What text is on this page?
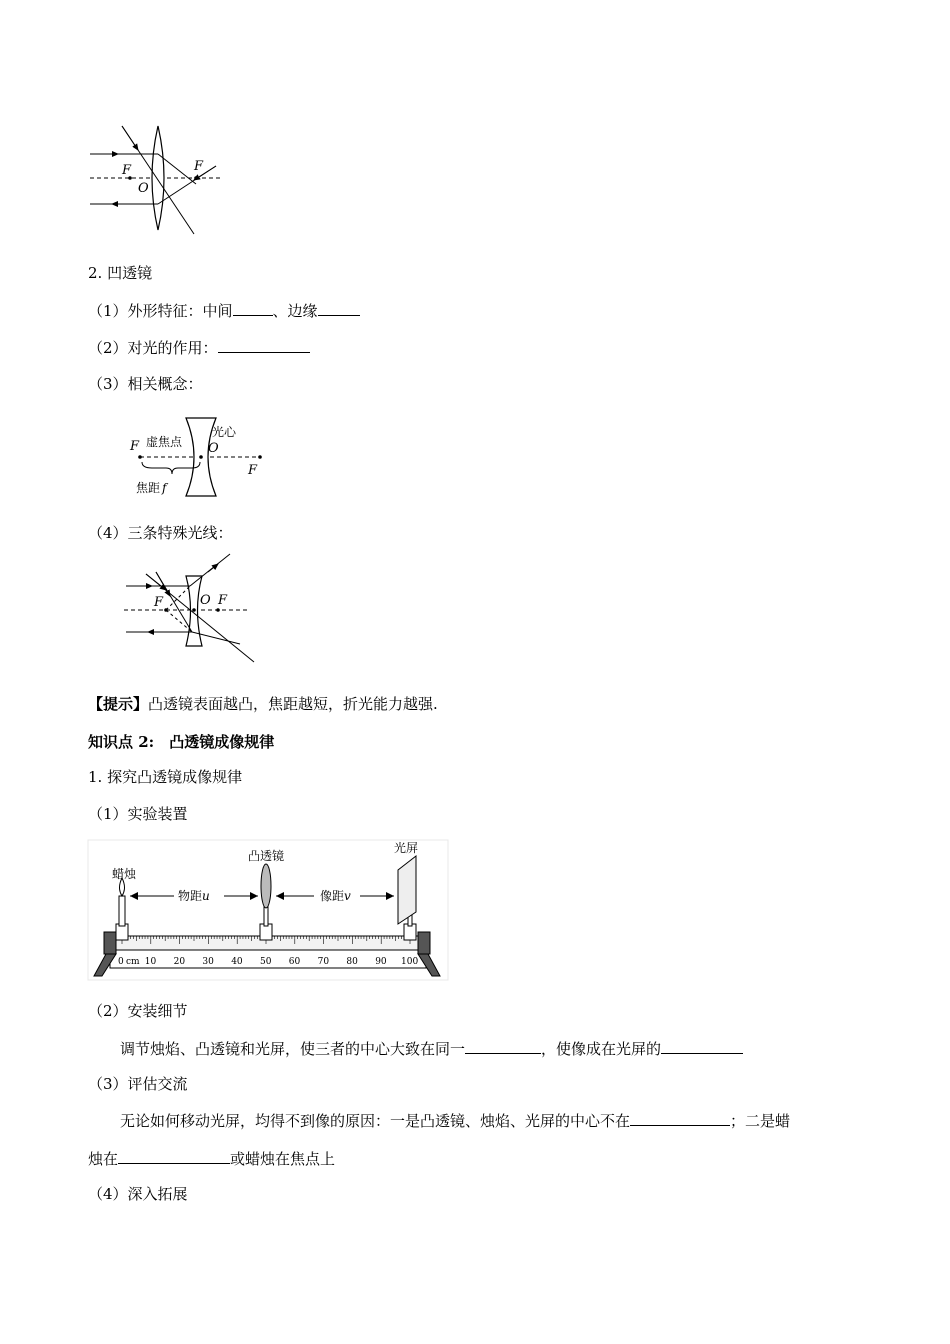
F	F
O
2. 凹透镜
（1）外形特征：中间	、边缘
（2）对光的作用：
（3）相关概念：
F 虚焦点
光心
O
F
焦距 f
（4）三条特殊光线：
F	O F
【提示】凸透镜表面越凸，焦距越短，折光能力越强.
知识点 2:　凸透镜成像规律
1. 探究凸透镜成像规律
（1）实验装置
0 10 20 30 40 50 60 70 80 90 100
蜡烛
凸透镜
光屏
物距u	像距v
cm
（2）安装细节
调节烛焰、凸透镜和光屏，使三者的中心大致在同一	，使像成在光屏的
（3）评估交流
无论如何移动光屏，均得不到像的原因：一是凸透镜、烛焰、光屏的中心不在	；二是蜡
烛在	或蜡烛在焦点上
（4）深入拓展
